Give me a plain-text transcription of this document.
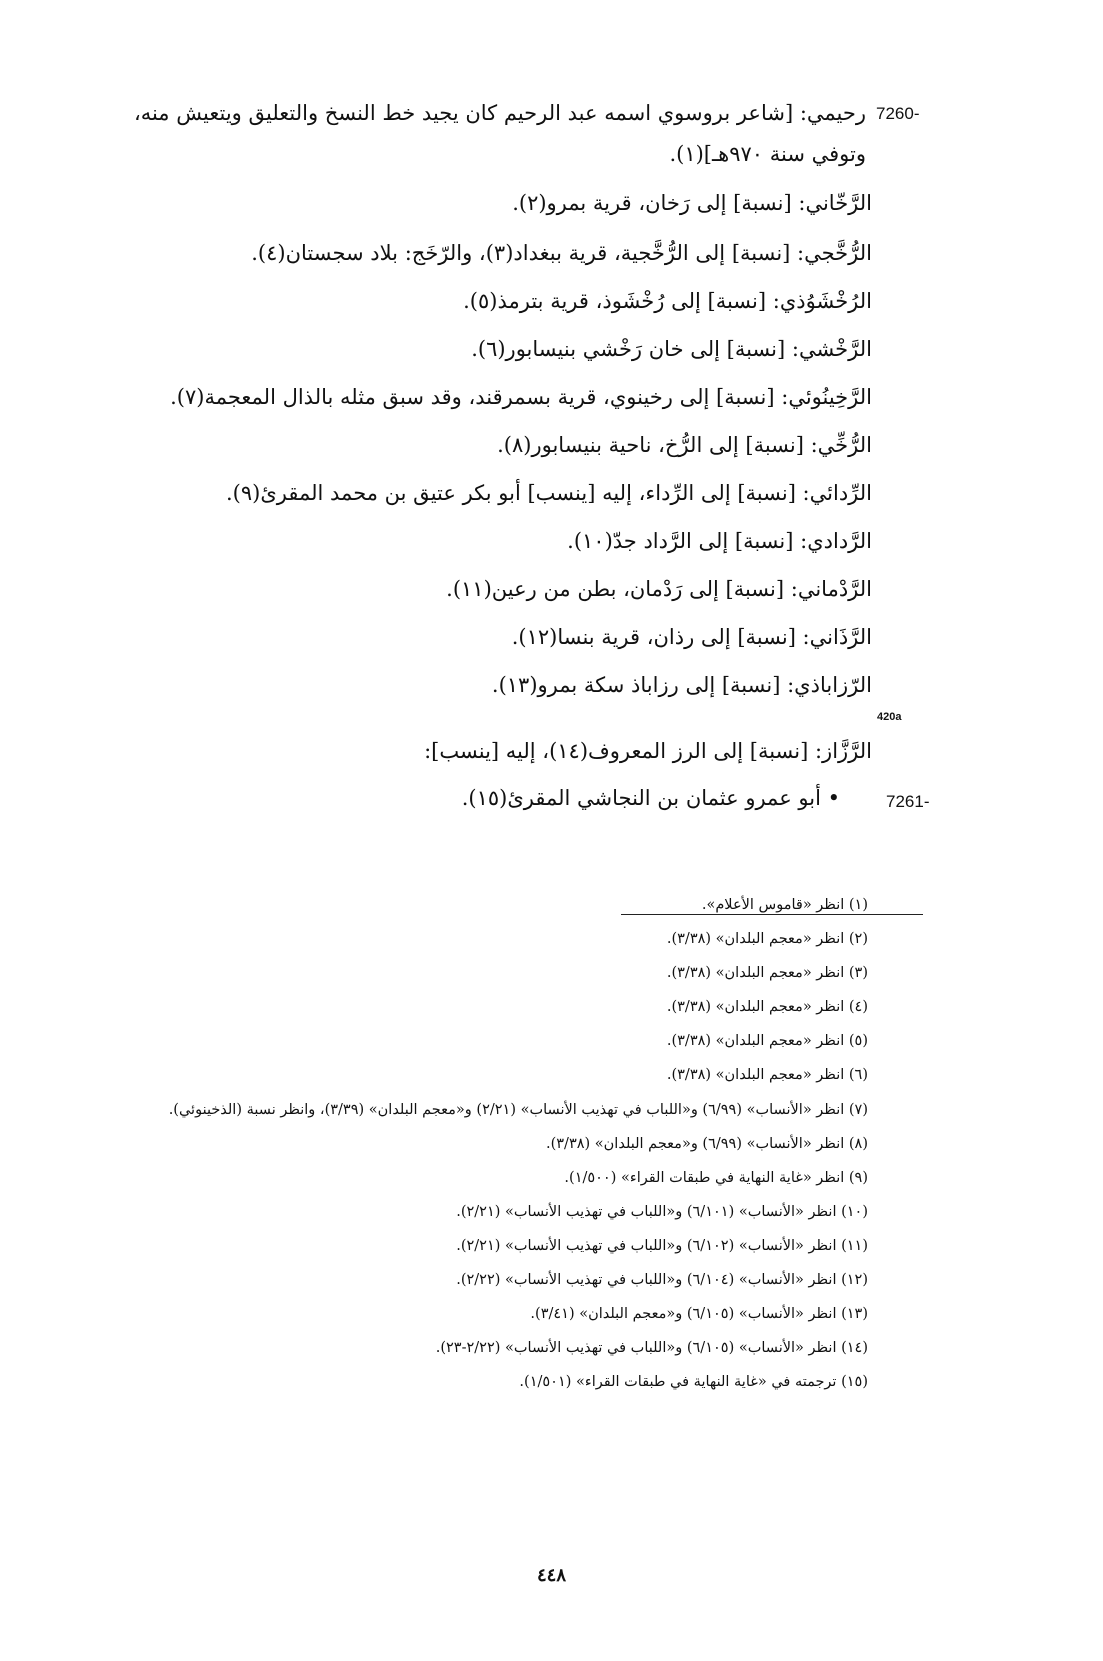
7260-
رحيمي: [شاعر بروسوي اسمه عبد الرحيم كان يجيد خط النسخ والتعليق ويتعيش منه،
وتوفي سنة ٩٧٠هـ](١).
الرَّخّاني: [نسبة] إلى رَخان، قرية بمرو(٢).
الرُّخَّجي: [نسبة] إلى الرُّخَّجية، قرية ببغداد(٣)، والرّخَج: بلاد سجستان(٤).
الرُخْشَوُذي: [نسبة] إلى رُخْشَوذ، قرية بترمذ(٥).
الرَّخْشي: [نسبة] إلى خان رَخْشي بنيسابور(٦).
الرَّخِينُوئي: [نسبة] إلى رخينوي، قرية بسمرقند، وقد سبق مثله بالذال المعجمة(٧).
الرُّخِّي: [نسبة] إلى الرُّخ، ناحية بنيسابور(٨).
الرِّدائي: [نسبة] إلى الرِّداء، إليه [ينسب] أبو بكر عتيق بن محمد المقرئ(٩).
الرَّدادي: [نسبة] إلى الرَّداد جدّ(١٠).
الرَّدْماني: [نسبة] إلى رَدْمان، بطن من رعين(١١).
الرَّذَاني: [نسبة] إلى رذان، قرية بنسا(١٢).
الرّزاباذي: [نسبة] إلى رزاباذ سكة بمرو(١٣).
420a
الرَّزَّاز: [نسبة] إلى الرز المعروف(١٤)، إليه [ينسب]:
7261-
• أبو عمرو عثمان بن النجاشي المقرئ(١٥).
(١) انظر «قاموس الأعلام».
(٢) انظر «معجم البلدان» (٣/٣٨).
(٣) انظر «معجم البلدان» (٣/٣٨).
(٤) انظر «معجم البلدان» (٣/٣٨).
(٥) انظر «معجم البلدان» (٣/٣٨).
(٦) انظر «معجم البلدان» (٣/٣٨).
(٧) انظر «الأنساب» (٦/٩٩) و«اللباب في تهذيب الأنساب» (٢/٢١) و«معجم البلدان» (٣/٣٩)، وانظر نسبة (الذخينوئي).
(٨) انظر «الأنساب» (٦/٩٩) و«معجم البلدان» (٣/٣٨).
(٩) انظر «غاية النهاية في طبقات القراء» (١/٥٠٠).
(١٠) انظر «الأنساب» (٦/١٠١) و«اللباب في تهذيب الأنساب» (٢/٢١).
(١١) انظر «الأنساب» (٦/١٠٢) و«اللباب في تهذيب الأنساب» (٢/٢١).
(١٢) انظر «الأنساب» (٦/١٠٤) و«اللباب في تهذيب الأنساب» (٢/٢٢).
(١٣) انظر «الأنساب» (٦/١٠٥) و«معجم البلدان» (٣/٤١).
(١٤) انظر «الأنساب» (٦/١٠٥) و«اللباب في تهذيب الأنساب» (٢/٢٢-٢٣).
(١٥) ترجمته في «غاية النهاية في طبقات القراء» (١/٥٠١).
٤٤٨
